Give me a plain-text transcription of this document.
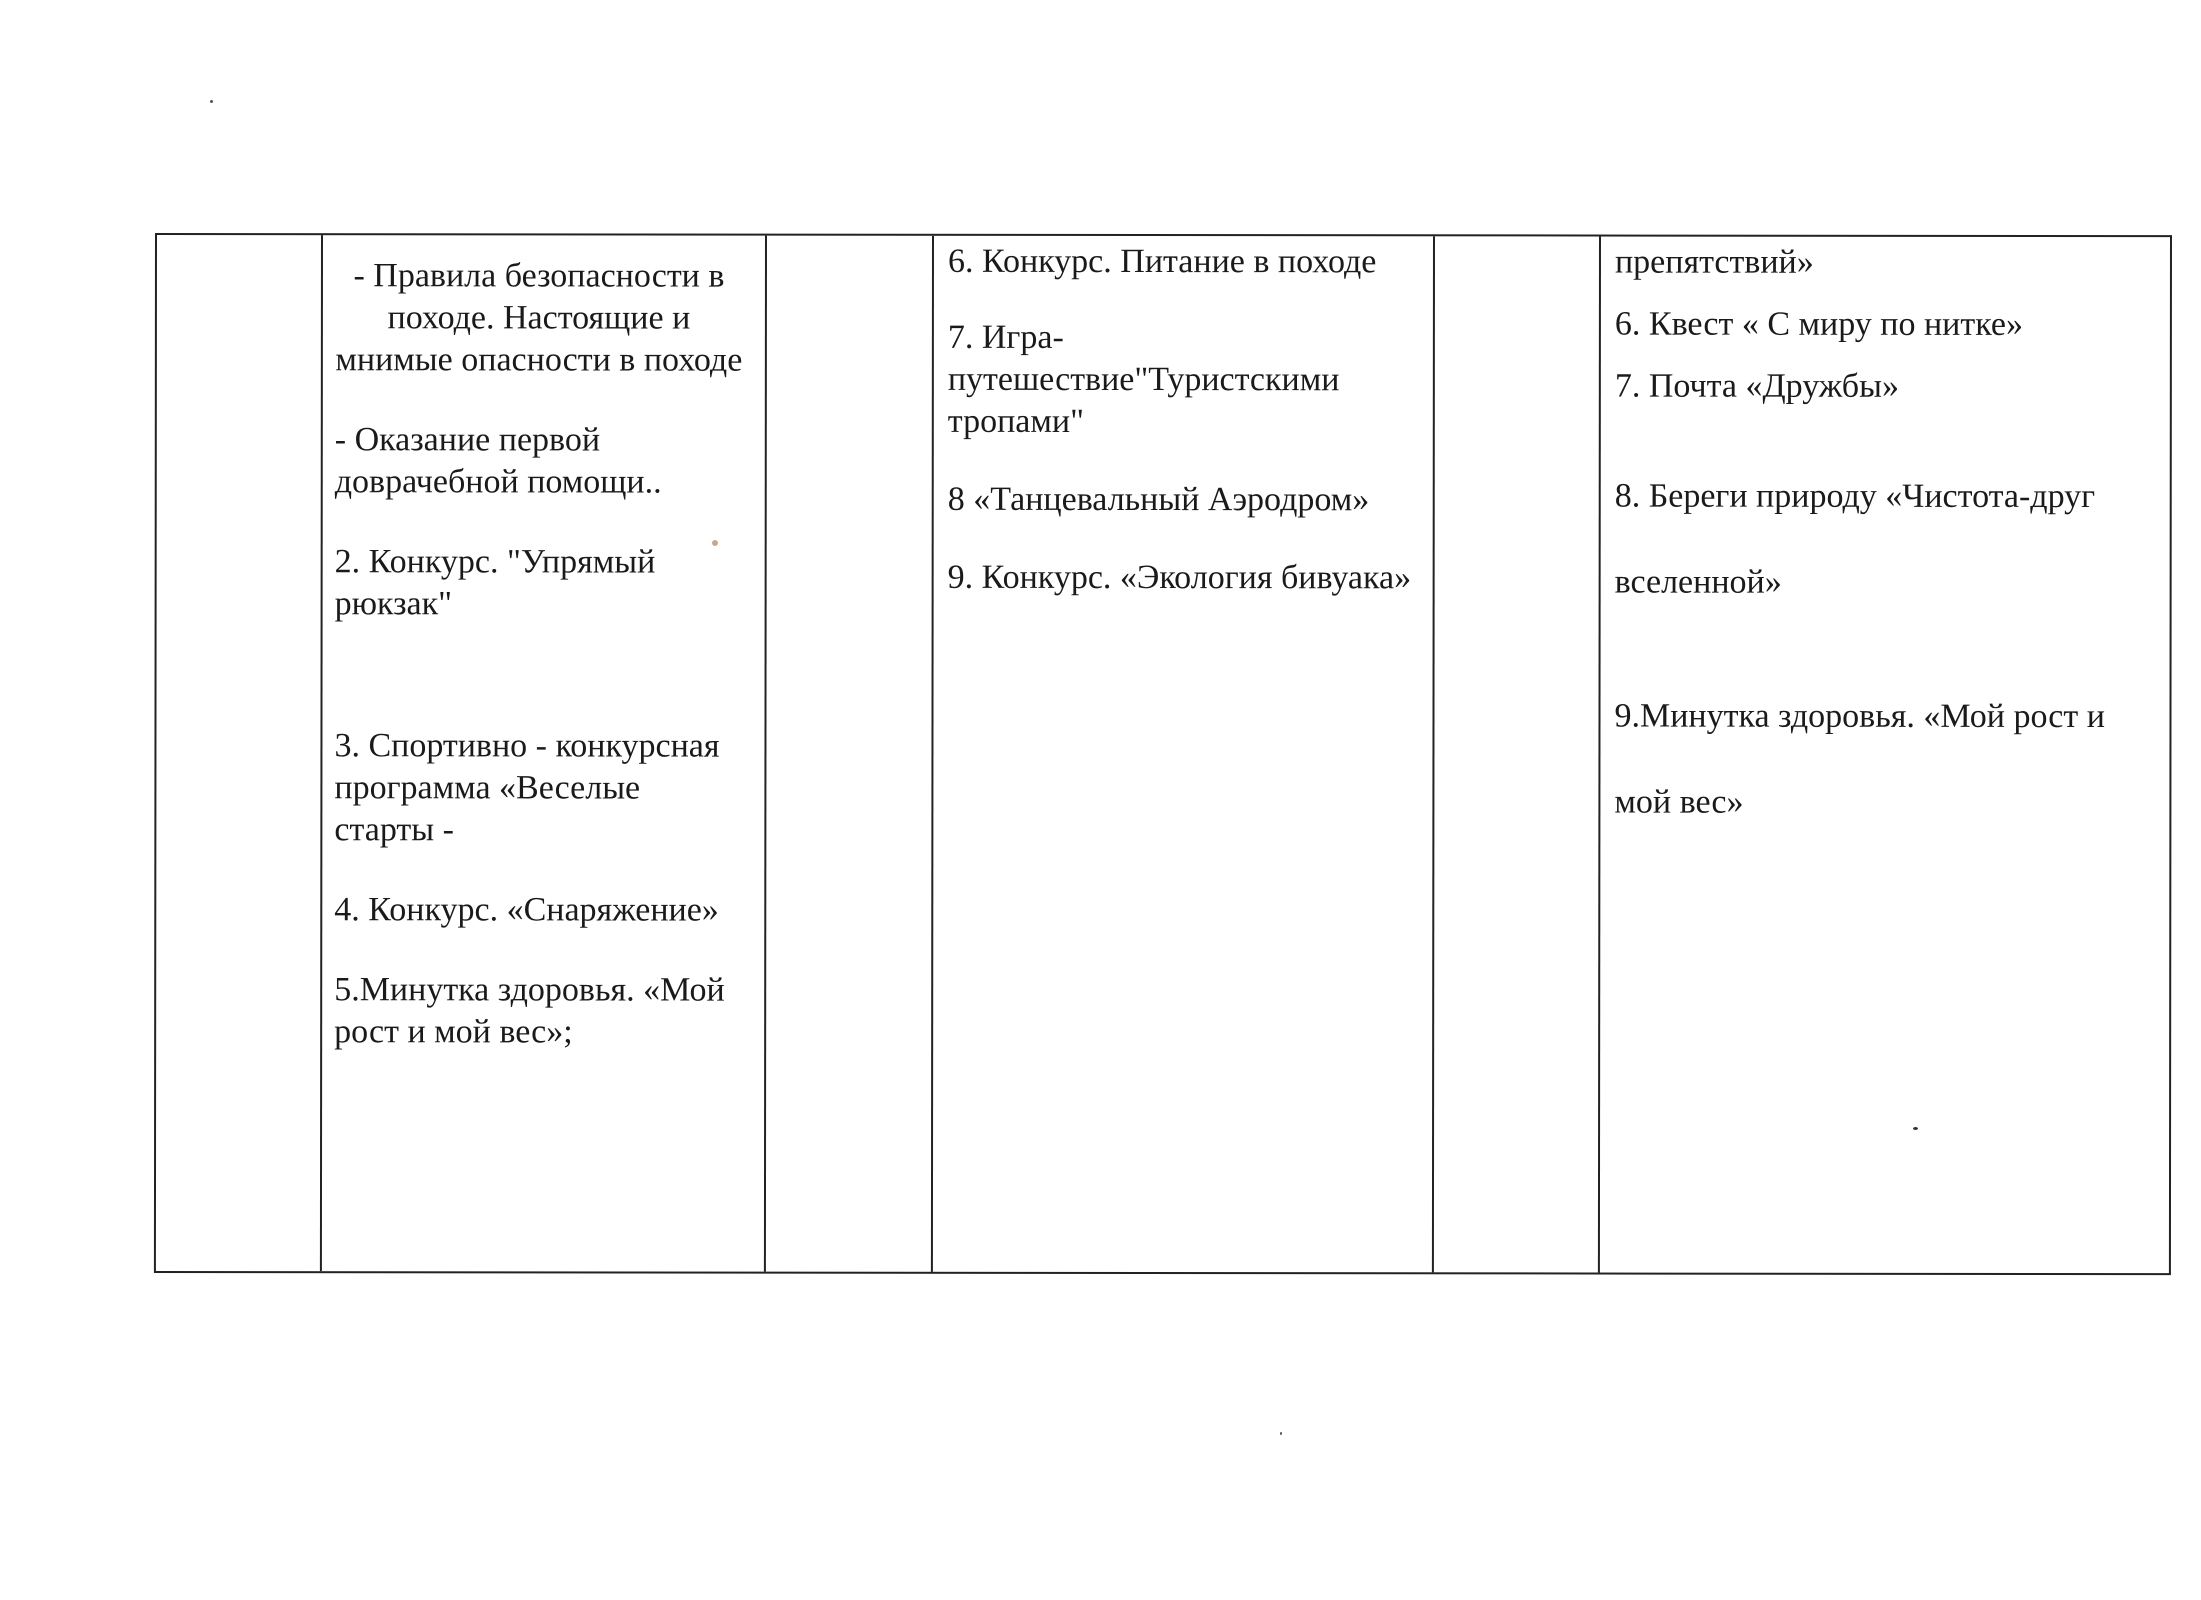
- Правила безопасности в походе. Настоящие и мнимые опасности в походе

- Оказание первой доврачебной помощи..

2. Конкурс. "Упрямый рюкзак"

3. Спортивно - конкурсная программа «Веселые старты -

4. Конкурс. «Снаряжение»

5.Минутка здоровья. «Мой рост и мой вес»;

6. Конкурс. Питание в походе

7. Игра-путешествие"Туристскими тропами"

8 «Танцевальный Аэродром»

9. Конкурс. «Экология бивуака»

препятствий»

6. Квест « С миру по нитке»

7. Почта «Дружбы»

8. Береги природу «Чистота-друг вселенной»

9.Минутка здоровья. «Мой рост и мой вес»
